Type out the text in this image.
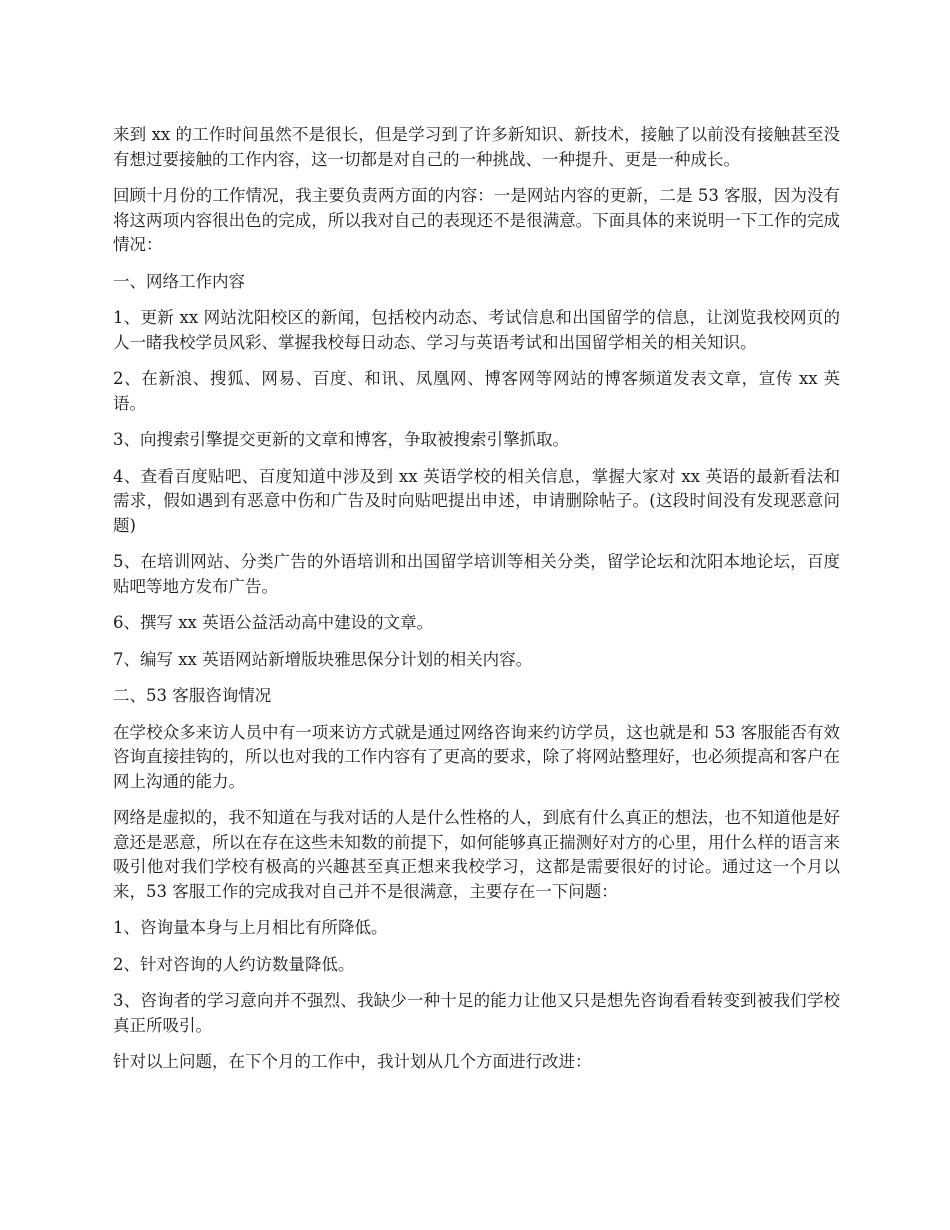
来到 xx 的工作时间虽然不是很长，但是学习到了许多新知识、新技术，接触了以前没有接触甚至没有想过要接触的工作内容，这一切都是对自己的一种挑战、一种提升、更是一种成长。

回顾十月份的工作情况，我主要负责两方面的内容：一是网站内容的更新，二是 53 客服，因为没有将这两项内容很出色的完成，所以我对自己的表现还不是很满意。下面具体的来说明一下工作的完成情况：

一、网络工作内容

1、更新 xx 网站沈阳校区的新闻，包括校内动态、考试信息和出国留学的信息，让浏览我校网页的人一睹我校学员风彩、掌握我校每日动态、学习与英语考试和出国留学相关的相关知识。

2、在新浪、搜狐、网易、百度、和讯、凤凰网、博客网等网站的博客频道发表文章，宣传 xx 英语。

3、向搜索引擎提交更新的文章和博客，争取被搜索引擎抓取。

4、查看百度贴吧、百度知道中涉及到 xx 英语学校的相关信息，掌握大家对 xx 英语的最新看法和需求，假如遇到有恶意中伤和广告及时向贴吧提出申述，申请删除帖子。(这段时间没有发现恶意问题)

5、在培训网站、分类广告的外语培训和出国留学培训等相关分类，留学论坛和沈阳本地论坛，百度贴吧等地方发布广告。

6、撰写 xx 英语公益活动高中建设的文章。

7、编写 xx 英语网站新增版块雅思保分计划的相关内容。

二、53 客服咨询情况

在学校众多来访人员中有一项来访方式就是通过网络咨询来约访学员，这也就是和 53 客服能否有效咨询直接挂钩的，所以也对我的工作内容有了更高的要求，除了将网站整理好，也必须提高和客户在网上沟通的能力。

网络是虚拟的，我不知道在与我对话的人是什么性格的人，到底有什么真正的想法，也不知道他是好意还是恶意，所以在存在这些未知数的前提下，如何能够真正揣测好对方的心里，用什么样的语言来吸引他对我们学校有极高的兴趣甚至真正想来我校学习，这都是需要很好的讨论。通过这一个月以来，53 客服工作的完成我对自己并不是很满意，主要存在一下问题：

1、咨询量本身与上月相比有所降低。

2、针对咨询的人约访数量降低。

3、咨询者的学习意向并不强烈、我缺少一种十足的能力让他又只是想先咨询看看转变到被我们学校真正所吸引。

针对以上问题，在下个月的工作中，我计划从几个方面进行改进：
